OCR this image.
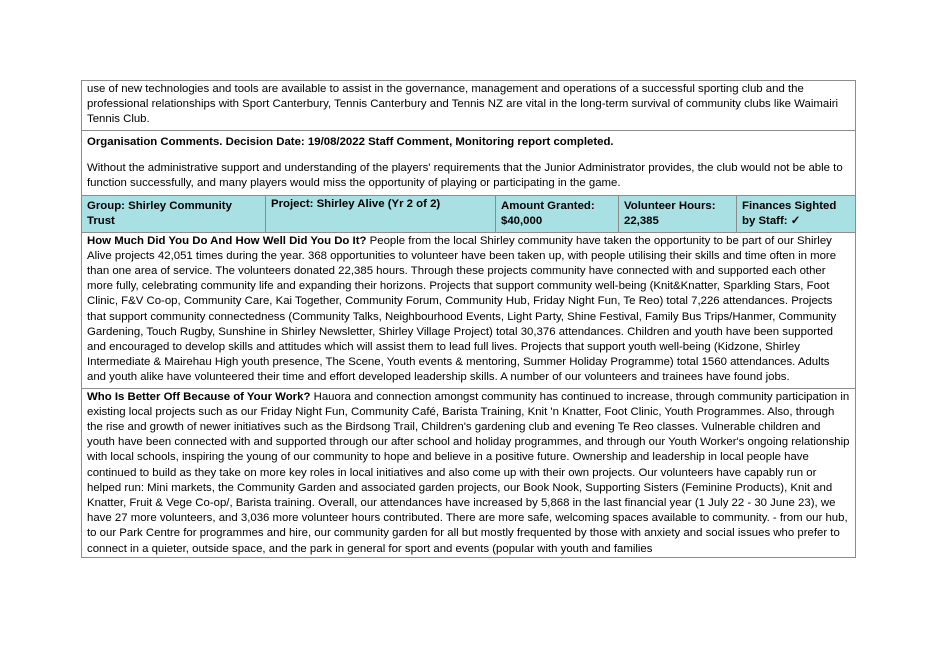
use of new technologies and tools are available to assist in the governance, management and operations of a successful sporting club and the professional relationships with Sport Canterbury, Tennis Canterbury and Tennis NZ are vital in the long-term survival of community clubs like Waimairi Tennis Club.

Organisation Comments. Decision Date: 19/08/2022 Staff Comment, Monitoring report completed.

Without the administrative support and understanding of the players' requirements that the Junior Administrator provides, the club would not be able to function successfully, and many players would miss the opportunity of playing or participating in the game.

Group: Shirley Community Trust	Project: Shirley Alive (Yr 2 of 2)	Amount Granted: $40,000	Volunteer Hours: 22,385	Finances Sighted by Staff: ✓

How Much Did You Do And How Well Did You Do It? People from the local Shirley community have taken the opportunity to be part of our Shirley Alive projects 42,051 times during the year. 368 opportunities to volunteer have been taken up, with people utilising their skills and time often in more than one area of service. The volunteers donated 22,385 hours. Through these projects community have connected with and supported each other more fully, celebrating community life and expanding their horizons. Projects that support community well-being (Knit&Knatter, Sparkling Stars, Foot Clinic, F&V Co-op, Community Care, Kai Together, Community Forum, Community Hub, Friday Night Fun, Te Reo) total 7,226 attendances. Projects that support community connectedness (Community Talks, Neighbourhood Events, Light Party, Shine Festival, Family Bus Trips/Hanmer, Community Gardening, Touch Rugby, Sunshine in Shirley Newsletter, Shirley Village Project) total 30,376 attendances. Children and youth have been supported and encouraged to develop skills and attitudes which will assist them to lead full lives. Projects that support youth well-being (Kidzone, Shirley Intermediate & Mairehau High youth presence, The Scene, Youth events & mentoring, Summer Holiday Programme) total 1560 attendances. Adults and youth alike have volunteered their time and effort developed leadership skills. A number of our volunteers and trainees have found jobs.

Who Is Better Off Because of Your Work? Hauora and connection amongst community has continued to increase, through community participation in existing local projects such as our Friday Night Fun, Community Café, Barista Training, Knit 'n Knatter, Foot Clinic, Youth Programmes. Also, through the rise and growth of newer initiatives such as the Birdsong Trail, Children's gardening club and evening Te Reo classes. Vulnerable children and youth have been connected with and supported through our after school and holiday programmes, and through our Youth Worker's ongoing relationship with local schools, inspiring the young of our community to hope and believe in a positive future. Ownership and leadership in local people have continued to build as they take on more key roles in local initiatives and also come up with their own projects. Our volunteers have capably run or helped run: Mini markets, the Community Garden and associated garden projects, our Book Nook, Supporting Sisters (Feminine Products), Knit and Knatter, Fruit & Vege Co-op/, Barista training. Overall, our attendances have increased by 5,868 in the last financial year (1 July 22 - 30 June 23), we have 27 more volunteers, and 3,036 more volunteer hours contributed. There are more safe, welcoming spaces available to community. - from our hub, to our Park Centre for programmes and hire, our community garden for all but mostly frequented by those with anxiety and social issues who prefer to connect in a quieter, outside space, and the park in general for sport and events (popular with youth and families
